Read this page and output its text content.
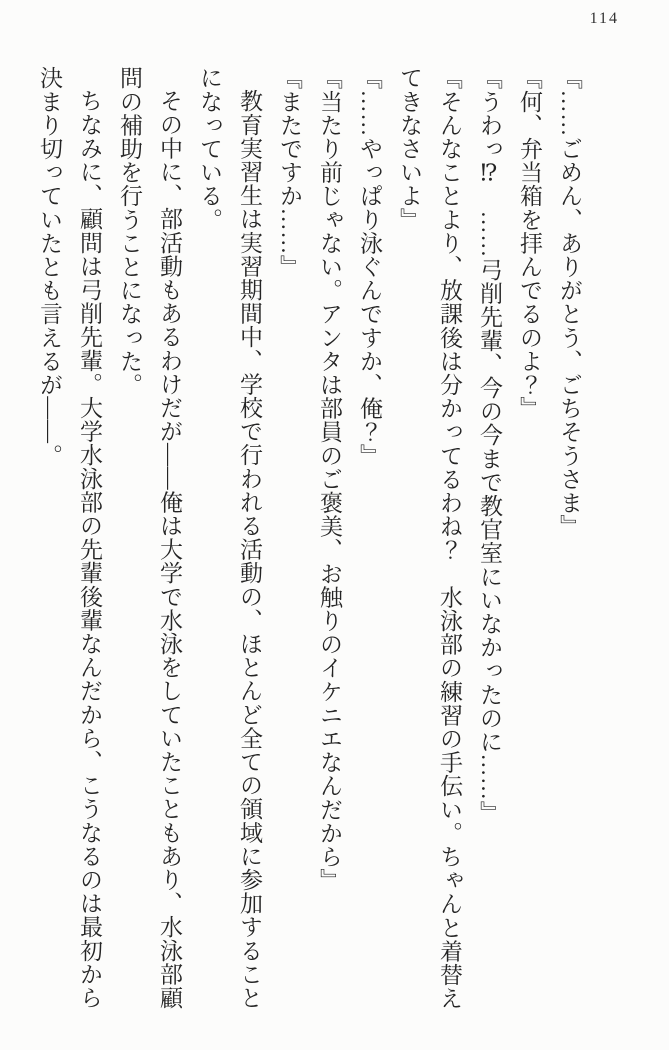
114

『……ごめん、ありがとう、ごちそうさま』

『何、弁当箱を拝んでるのよ？』

『うわっ⁉　……弓削先輩、今の今まで教官室にいなかったのに……』

『そんなことより、放課後は分かってるわね？　水泳部の練習の手伝い。ちゃんと着替え

てきなさいよ』

『……やっぱり泳ぐんですか、俺？』

『当たり前じゃない。アンタは部員のご褒美、お触りのイケニエなんだから』

『またですか……』

教育実習生は実習期間中、学校で行われる活動の、ほとんど全ての領域に参加すること

になっている。

その中に、部活動もあるわけだが――俺は大学で水泳をしていたこともあり、水泳部顧

問の補助を行うことになった。

ちなみに、顧問は弓削先輩。大学水泳部の先輩後輩なんだから、こうなるのは最初から

決まり切っていたとも言えるが――。
